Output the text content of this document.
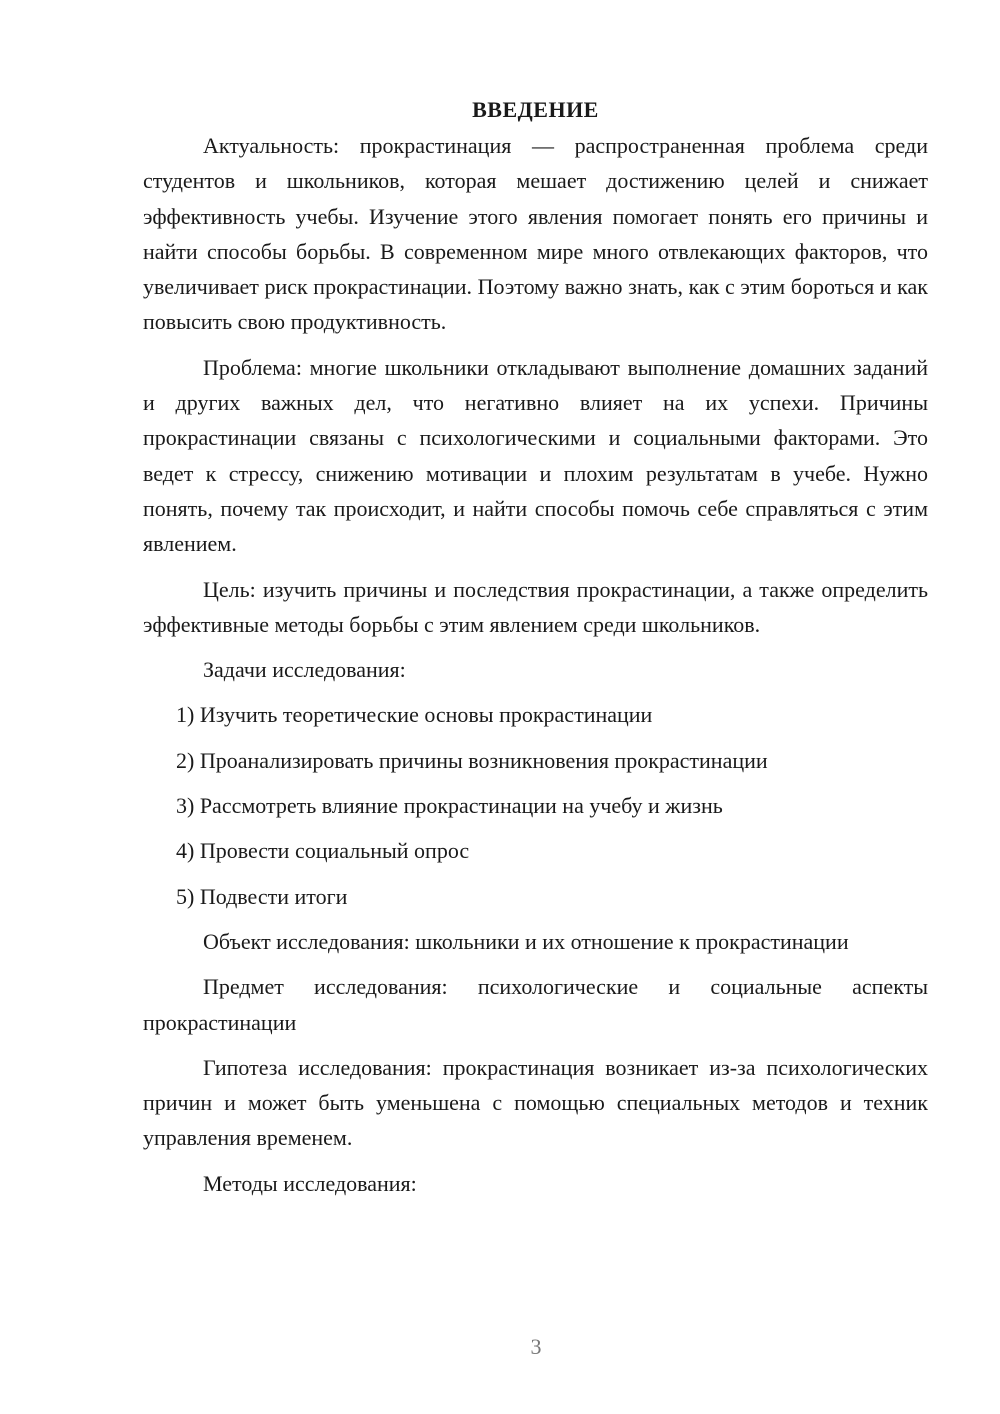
ВВЕДЕНИЕ

Актуальность: прокрастинация — распространенная проблема среди студентов и школьников, которая мешает достижению целей и снижает эффективность учебы. Изучение этого явления помогает понять его причины и найти способы борьбы. В современном мире много отвлекающих факторов, что увеличивает риск прокрастинации. Поэтому важно знать, как с этим бороться и как повысить свою продуктивность.

Проблема: многие школьники откладывают выполнение домашних заданий и других важных дел, что негативно влияет на их успехи. Причины прокрастинации связаны с психологическими и социальными факторами. Это ведет к стрессу, снижению мотивации и плохим результатам в учебе. Нужно понять, почему так происходит, и найти способы помочь себе справляться с этим явлением.

Цель: изучить причины и последствия прокрастинации, а также определить эффективные методы борьбы с этим явлением среди школьников.

Задачи исследования:

1) Изучить теоретические основы прокрастинации
2) Проанализировать причины возникновения прокрастинации
3) Рассмотреть влияние прокрастинации на учебу и жизнь
4) Провести социальный опрос
5) Подвести итоги

Объект исследования: школьники и их отношение к прокрастинации

Предмет исследования: психологические и социальные аспекты прокрастинации

Гипотеза исследования: прокрастинация возникает из-за психологических причин и может быть уменьшена с помощью специальных методов и техник управления временем.

Методы исследования:

3
